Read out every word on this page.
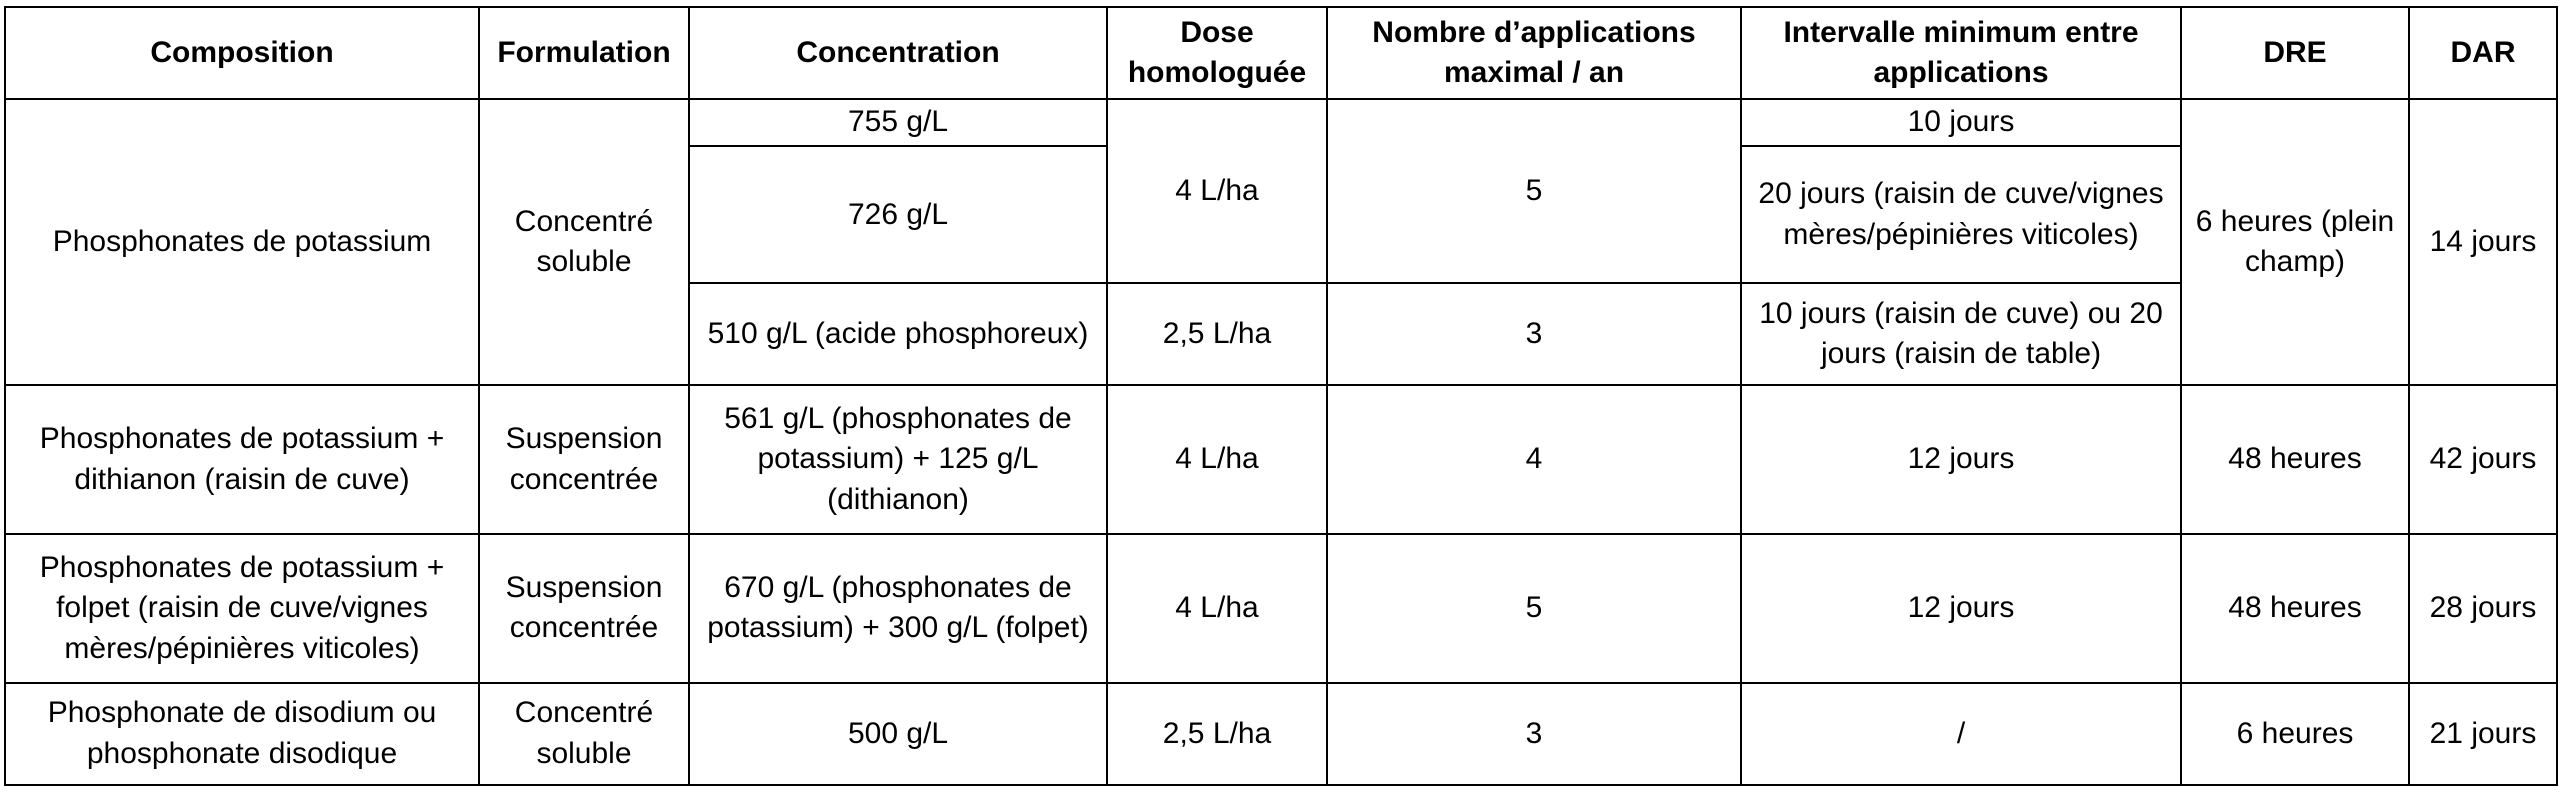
Composition	Formulation	Concentration	Dose homologuée	Nombre d’applications maximal / an	Intervalle minimum entre applications	DRE	DAR
Phosphonates de potassium	Concentré soluble	755 g/L	4 L/ha	5	10 jours	6 heures (plein champ)	14 jours
		726 g/L			20 jours (raisin de cuve/vignes mères/pépinières viticoles)		
		510 g/L (acide phosphoreux)	2,5 L/ha	3	10 jours (raisin de cuve) ou 20 jours (raisin de table)		
Phosphonates de potassium + dithianon (raisin de cuve)	Suspension concentrée	561 g/L (phosphonates de potassium) + 125 g/L (dithianon)	4 L/ha	4	12 jours	48 heures	42 jours
Phosphonates de potassium + folpet (raisin de cuve/vignes mères/pépinières viticoles)	Suspension concentrée	670 g/L (phosphonates de potassium) + 300 g/L (folpet)	4 L/ha	5	12 jours	48 heures	28 jours
Phosphonate de disodium ou phosphonate disodique	Concentré soluble	500 g/L	2,5 L/ha	3	/	6 heures	21 jours
